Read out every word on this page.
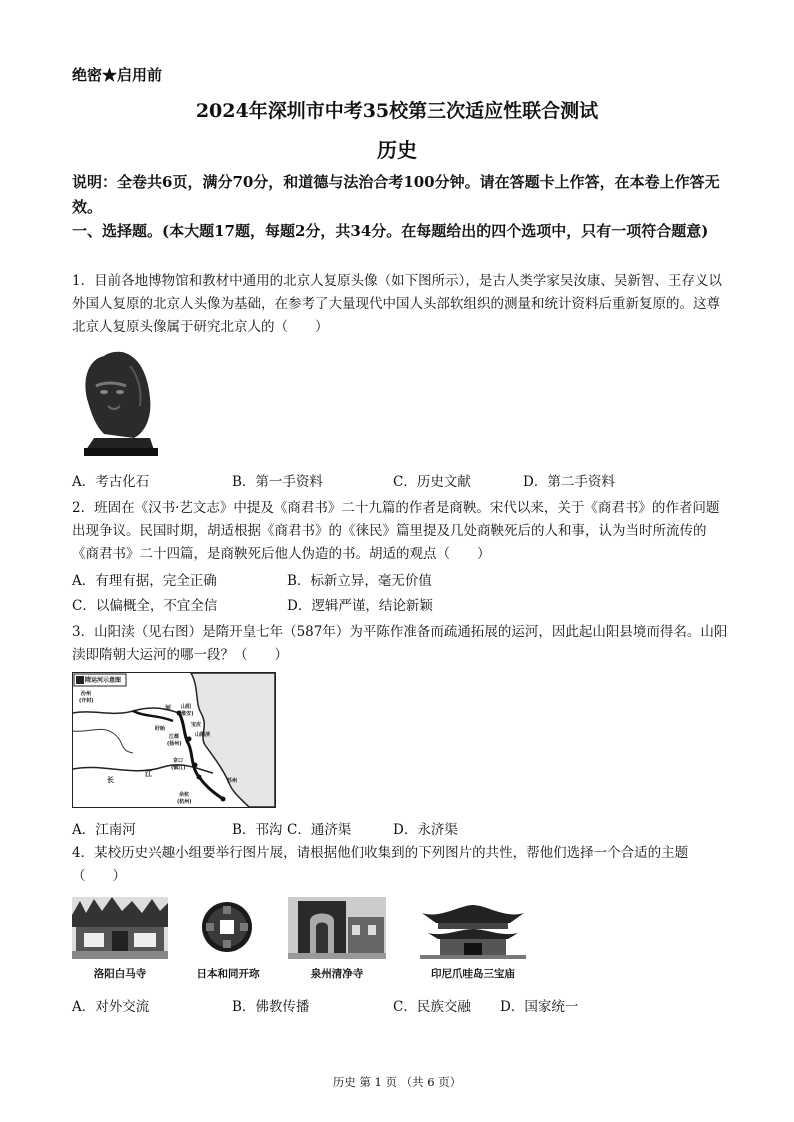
绝密★启用前
2024年深圳市中考35校第三次适应性联合测试
历史
说明：全卷共6页，满分70分，和道德与法治合考100分钟。请在答题卡上作答，在本卷上作答无效。
一、选择题。(本大题17题，每题2分，共34分。在每题给出的四个选项中，只有一项符合题意)
1．目前各地博物馆和教材中通用的北京人复原头像（如下图所示），是古人类学家吴汝康、吴新智、王存义以外国人复原的北京人头像为基础，在参考了大量现代中国人头部软组织的测量和统计资料后重新复原的。这尊北京人复原头像属于研究北京人的（　　）
A．考古化石	B．第一手资料	C．历史文献	D．第二手资料
2．班固在《汉书·艺文志》中提及《商君书》二十九篇的作者是商鞅。宋代以来，关于《商君书》的作者问题出现争议。民国时期，胡适根据《商君书》的《徕民》篇里提及几处商鞅死后的人和事，认为当时所流传的《商君书》二十四篇，是商鞅死后他人伪造的书。胡适的观点（　　）
A．有理有据，完全正确	B．标新立异，毫无价值
C．以偏概全，不宜全信	D．逻辑严谨，结论新颖
3．山阳渎（见右图）是隋开皇七年（587年）为平陈作准备而疏通拓展的运河，因此起山阳县境而得名。山阳渎即隋朝大运河的哪一段？（　　）
隋运河示意图
汾州
(开封)
山阳
(淮安)
江都
(扬州)
京口
(镇江)
苏州
余杭
(杭州)
长
江
河
盱眙
宝应
山阳渎
A．江南河	B．邗沟 C．通济渠	D．永济渠
4．某校历史兴趣小组要举行图片展，请根据他们收集到的下列图片的共性，帮他们选择一个合适的主题（　　）
洛阳白马寺	日本和同开珎	泉州清净寺	印尼爪哇岛三宝庙
A．对外交流	B．佛教传播	C．民族交融 D．国家统一
历史 第 1 页 （共 6 页）
